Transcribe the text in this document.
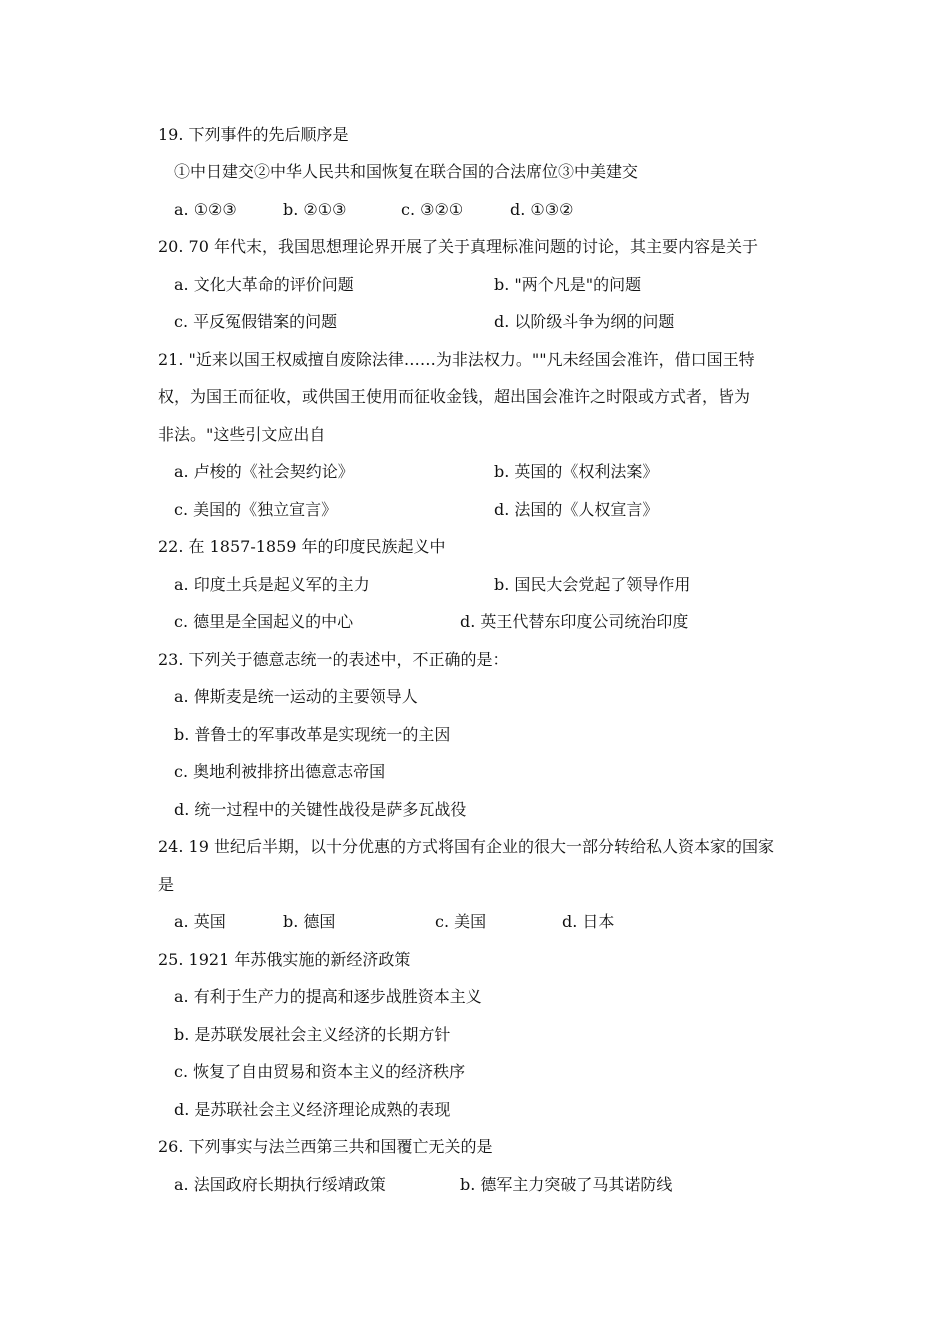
19. 下列事件的先后顺序是
①中日建交②中华人民共和国恢复在联合国的合法席位③中美建交
a. ①②③	b. ②①③	c. ③②①	d. ①③②
20. 70 年代末，我国思想理论界开展了关于真理标准问题的讨论，其主要内容是关于
a. 文化大革命的评价问题	b. "两个凡是"的问题
c. 平反冤假错案的问题	d. 以阶级斗争为纲的问题
21. "近来以国王权威擅自废除法律……为非法权力。""凡未经国会准许，借口国王特
权，为国王而征收，或供国王使用而征收金钱，超出国会准许之时限或方式者，皆为
非法。"这些引文应出自
a. 卢梭的《社会契约论》	b. 英国的《权利法案》
c. 美国的《独立宣言》	d. 法国的《人权宣言》
22. 在 1857-1859 年的印度民族起义中
a. 印度土兵是起义军的主力	b. 国民大会党起了领导作用
c. 德里是全国起义的中心	d. 英王代替东印度公司统治印度
23. 下列关于德意志统一的表述中，不正确的是：
a. 俾斯麦是统一运动的主要领导人
b. 普鲁士的军事改革是实现统一的主因
c. 奥地利被排挤出德意志帝国
d. 统一过程中的关键性战役是萨多瓦战役
24. 19 世纪后半期，以十分优惠的方式将国有企业的很大一部分转给私人资本家的国家
是
a. 英国	b. 德国	c. 美国	d. 日本
25. 1921 年苏俄实施的新经济政策
a. 有利于生产力的提高和逐步战胜资本主义
b. 是苏联发展社会主义经济的长期方针
c. 恢复了自由贸易和资本主义的经济秩序
d. 是苏联社会主义经济理论成熟的表现
26. 下列事实与法兰西第三共和国覆亡无关的是
a. 法国政府长期执行绥靖政策	b. 德军主力突破了马其诺防线
